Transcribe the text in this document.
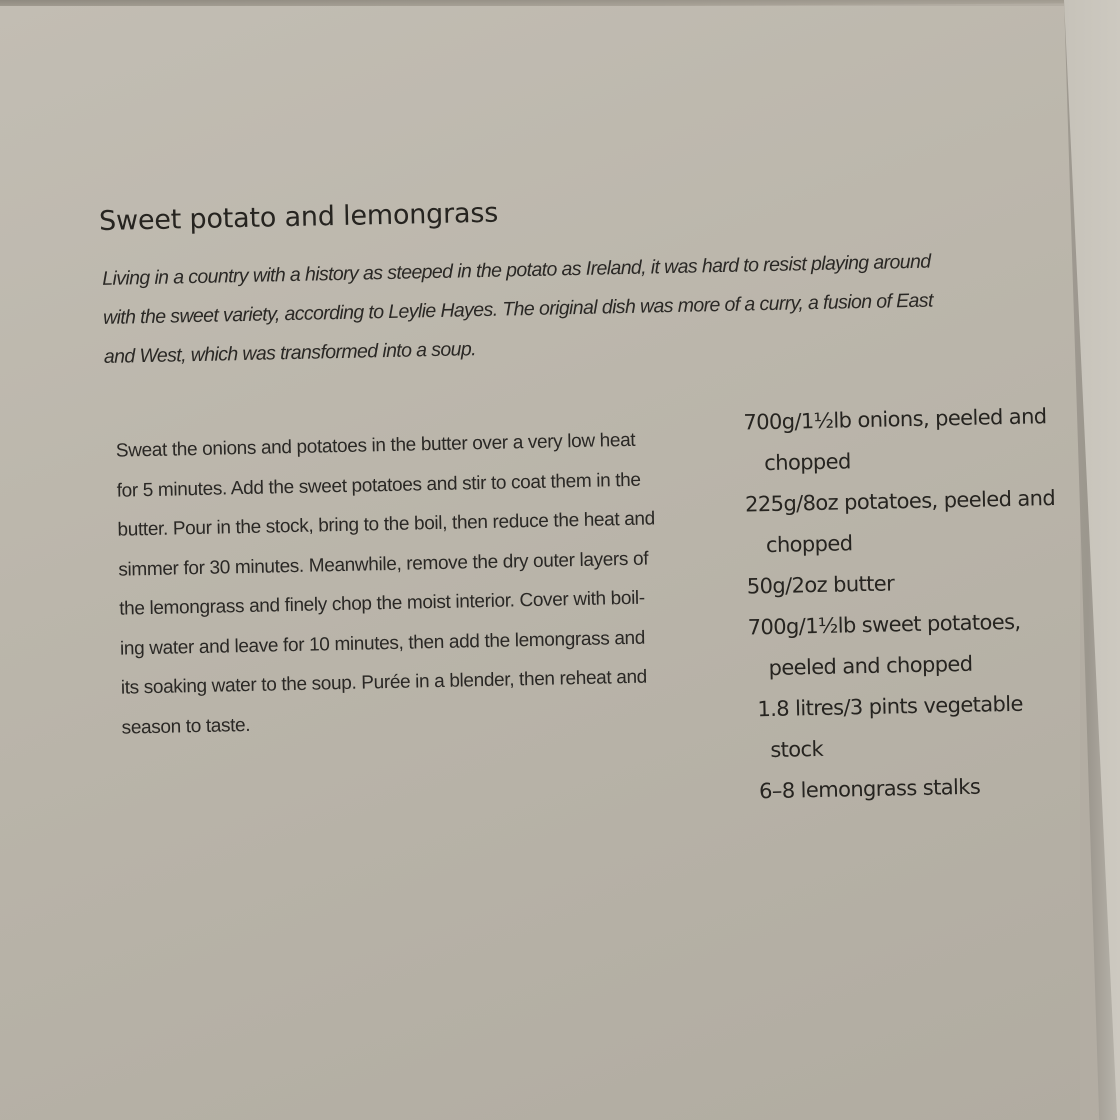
Sweet potato and lemongrass
Living in a country with a history as steeped in the potato as Ireland, it was hard to resist playing around
with the sweet variety, according to Leylie Hayes. The original dish was more of a curry, a fusion of East
and West, which was transformed into a soup.
Sweat the onions and potatoes in the butter over a very low heat
for 5 minutes. Add the sweet potatoes and stir to coat them in the
butter. Pour in the stock, bring to the boil, then reduce the heat and
simmer for 30 minutes. Meanwhile, remove the dry outer layers of
the lemongrass and finely chop the moist interior. Cover with boil-
ing water and leave for 10 minutes, then add the lemongrass and
its soaking water to the soup. Purée in a blender, then reheat and
season to taste.
700g/1½lb onions, peeled and
chopped
225g/8oz potatoes, peeled and
chopped
50g/2oz butter
700g/1½lb sweet potatoes,
peeled and chopped
1.8 litres/3 pints vegetable
stock
6–8 lemongrass stalks
